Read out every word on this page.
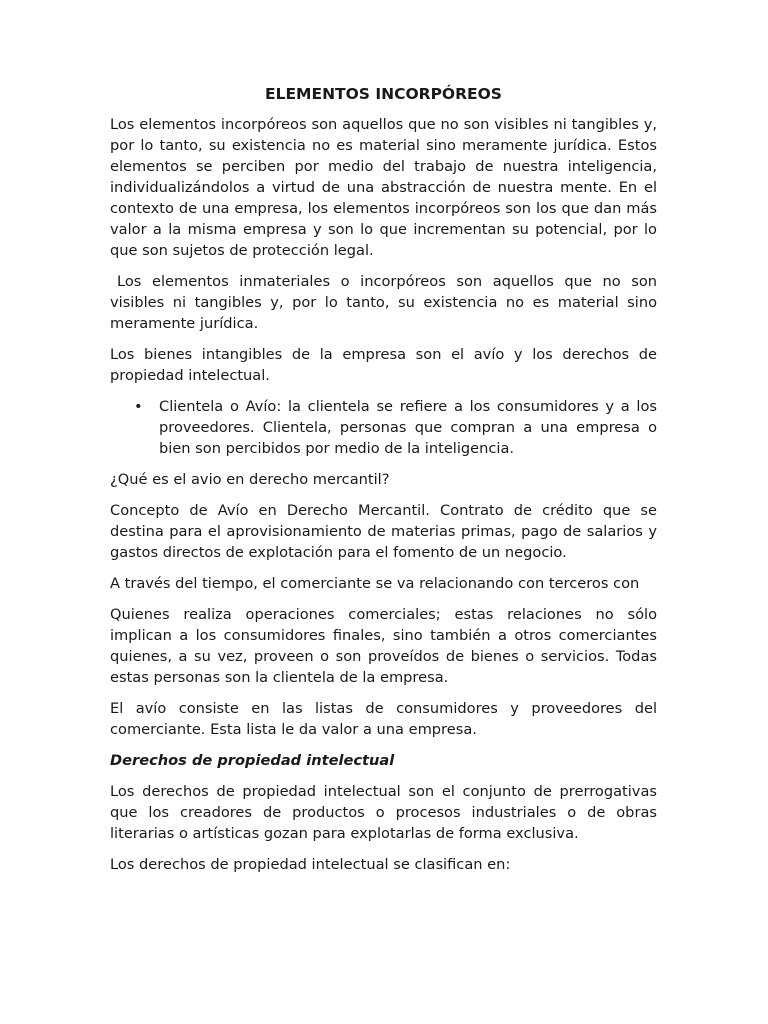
ELEMENTOS INCORPÓREOS

Los elementos incorpóreos son aquellos que no son visibles ni tangibles y, por lo tanto, su existencia no es material sino meramente jurídica. Estos elementos se perciben por medio del trabajo de nuestra inteligencia, individualizándolos a virtud de una abstracción de nuestra mente. En el contexto de una empresa, los elementos incorpóreos son los que dan más valor a la misma empresa y son lo que incrementan su potencial, por lo que son sujetos de protección legal.

Los elementos inmateriales o incorpóreos son aquellos que no son visibles ni tangibles y, por lo tanto, su existencia no es material sino meramente jurídica.

Los bienes intangibles de la empresa son el avío y los derechos de propiedad intelectual.

• Clientela o Avío: la clientela se refiere a los consumidores y a los proveedores. Clientela, personas que compran a una empresa o bien son percibidos por medio de la inteligencia.

¿Qué es el avio en derecho mercantil?

Concepto de Avío en Derecho Mercantil. Contrato de crédito que se destina para el aprovisionamiento de materias primas, pago de salarios y gastos directos de explotación para el fomento de un negocio.

A través del tiempo, el comerciante se va relacionando con terceros con

Quienes realiza operaciones comerciales; estas relaciones no sólo implican a los consumidores finales, sino también a otros comerciantes quienes, a su vez, proveen o son proveídos de bienes o servicios. Todas estas personas son la clientela de la empresa.

El avío consiste en las listas de consumidores y proveedores del comerciante. Esta lista le da valor a una empresa.

Derechos de propiedad intelectual

Los derechos de propiedad intelectual son el conjunto de prerrogativas que los creadores de productos o procesos industriales o de obras literarias o artísticas gozan para explotarlas de forma exclusiva.

Los derechos de propiedad intelectual se clasifican en:
